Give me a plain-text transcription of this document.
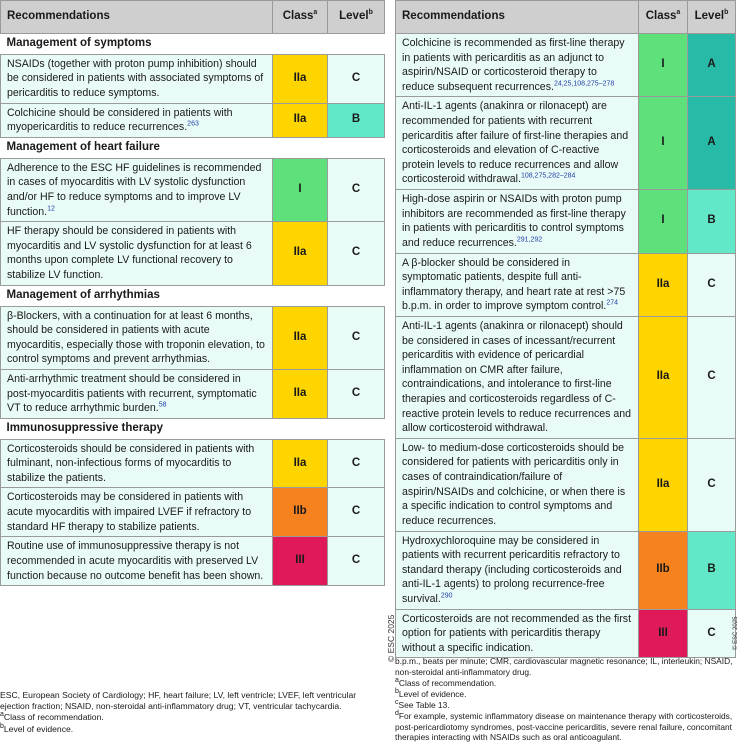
Recommendations	Class$^a$	Level$^b$
Management of symptoms		
NSAIDs (together with proton pump inhibition) should be considered in patients with associated symptoms of pericarditis to reduce symptoms.	IIa	C
Colchicine should be considered in patients with myopericarditis to reduce recurrences.$^{263}$	IIa	B
Management of heart failure		
Adherence to the ESC HF guidelines is recommended in cases of myocarditis with LV systolic dysfunction and/or HF to reduce symptoms and to improve LV function.$^{12}$	I	C
HF therapy should be considered in patients with myocarditis and LV systolic dysfunction for at least 6 months upon complete LV functional recovery to stabilize LV function.	IIa	C
Management of arrhythmias		
β-Blockers, with a continuation for at least 6 months, should be considered in patients with acute myocarditis, especially those with troponin elevation, to control symptoms and prevent arrhythmias.	IIa	C
Anti-arrhythmic treatment should be considered in post-myocarditis patients with recurrent, symptomatic VT to reduce arrhythmic burden.$^{58}$	IIa	C
Immunosuppressive therapy		
Corticosteroids should be considered in patients with fulminant, non-infectious forms of myocarditis to stabilize the patients.	IIa	C
Corticosteroids may be considered in patients with acute myocarditis with impaired LVEF if refractory to standard HF therapy to stabilize patients.	IIb	C
Routine use of immunosuppressive therapy is not recommended in acute myocarditis with preserved LV function because no outcome benefit has been shown.	III	C

ESC, European Society of Cardiology; HF, heart failure; LV, left ventricle; LVEF, left ventricular ejection fraction; NSAID, non-steroidal anti-inflammatory drug; VT, ventricular tachycardia.

$^a$Class of recommendation.

$^b$Level of evidence.

Recommendations	Class$^a$	Level$^b$
Colchicine is recommended as first-line therapy in patients with pericarditis as an adjunct to aspirin/NSAID or corticosteroid therapy to reduce subsequent recurrences.$^{24,25,108,275-278}$	I	A
Anti-IL-1 agents (anakinra or rilonacept) are recommended for patients with recurrent pericarditis after failure of first-line therapies and corticosteroids and elevation of C-reactive protein levels to reduce recurrences and allow corticosteroid withdrawal.$^{108,275,282-284}$	I	A
High-dose aspirin or NSAIDs with proton pump inhibitors are recommended as first-line therapy in patients with pericarditis to control symptoms and reduce recurrences.$^{291,292}$	I	B
A β-blocker should be considered in symptomatic patients, despite full anti-inflammatory therapy, and heart rate at rest >75 b.p.m. in order to improve symptom control.$^{274}$	IIa	C
Anti-IL-1 agents (anakinra or rilonacept) should be considered in cases of incessant/recurrent pericarditis with evidence of pericardial inflammation on CMR after failure, contraindications, and intolerance to first-line therapies and corticosteroids regardless of C-reactive protein levels to reduce recurrences and allow corticosteroid withdrawal.	IIa	C
Low- to medium-dose corticosteroids should be considered for patients with pericarditis only in cases of contraindication/failure of aspirin/NSAIDs and colchicine, or when there is a specific indication to control symptoms and reduce recurrences.	IIa	C
Hydroxychloroquine may be considered in patients with recurrent pericarditis refractory to standard therapy (including corticosteroids and anti-IL-1 agents) to prolong recurrence-free survival.$^{290}$	IIb	B
Corticosteroids are not recommended as the first option for patients with pericarditis therapy without a specific indication.	III	C
© ESC 2025	© ESC 2025

b.p.m., beats per minute; CMR, cardiovascular magnetic resonance; IL, interleukin; NSAID, non-steroidal anti-inflammatory drug.

$^a$Class of recommendation.

$^b$Level of evidence.

$^c$See Table 13.

$^d$For example, systemic inflammatory disease on maintenance therapy with corticosteroids, post-pericardiotomy syndromes, post-vaccine pericarditis, severe renal failure, concomitant therapies interacting with NSAIDs such as oral anticoagulant.
